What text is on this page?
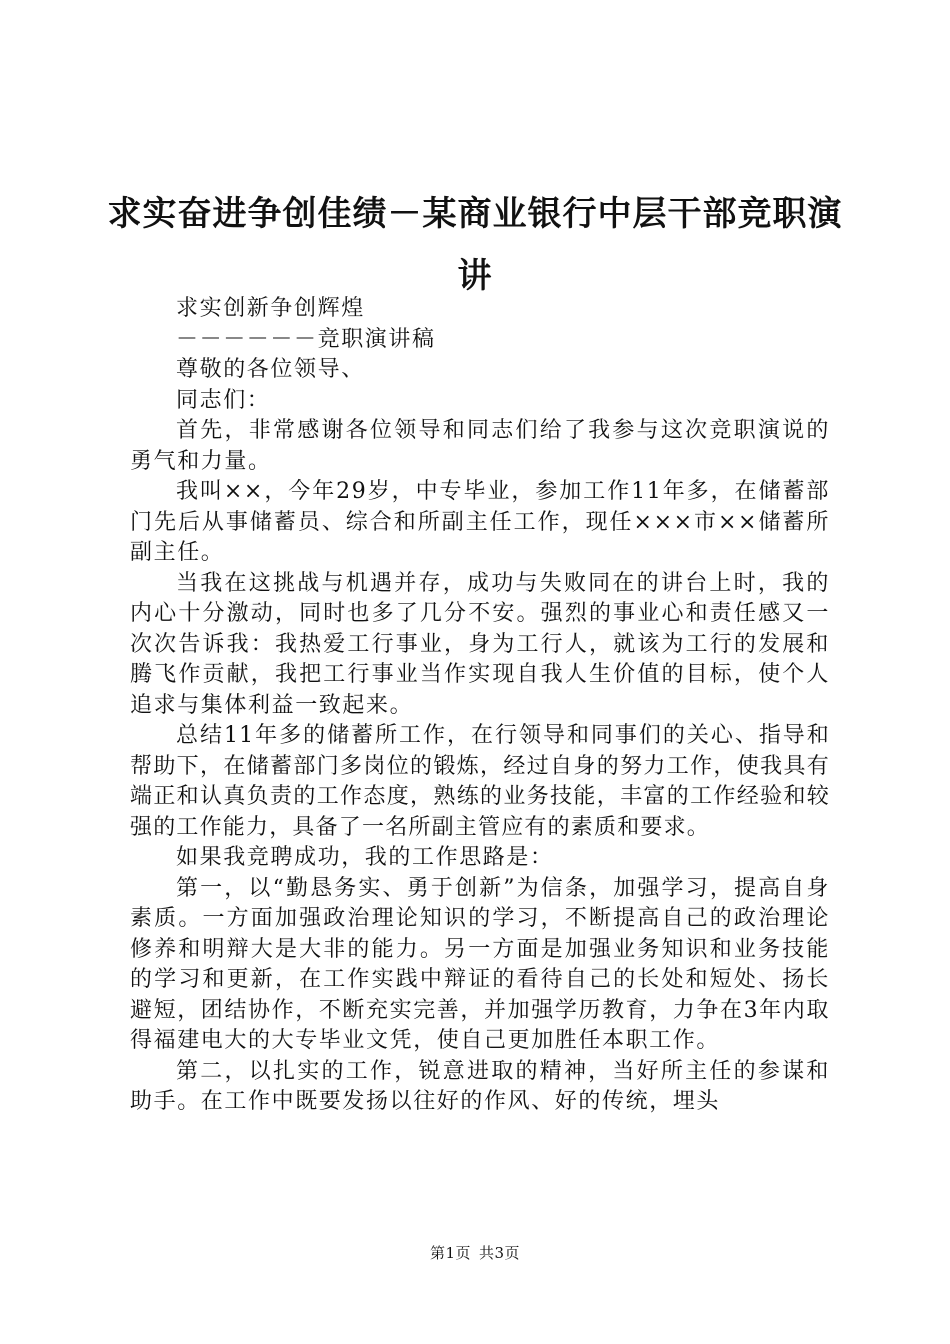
求实奋进争创佳绩－某商业银行中层干部竞职演讲

求实创新争创辉煌

－－－－－－竞职演讲稿

尊敬的各位领导、

同志们：

首先，非常感谢各位领导和同志们给了我参与这次竞职演说的勇气和力量。

我叫××，今年29岁，中专毕业，参加工作11年多，在储蓄部门先后从事储蓄员、综合和所副主任工作，现任×××市××储蓄所副主任。

当我在这挑战与机遇并存，成功与失败同在的讲台上时，我的内心十分激动，同时也多了几分不安。强烈的事业心和责任感又一次次告诉我：我热爱工行事业，身为工行人，就该为工行的发展和腾飞作贡献，我把工行事业当作实现自我人生价值的目标，使个人追求与集体利益一致起来。

总结11年多的储蓄所工作，在行领导和同事们的关心、指导和帮助下，在储蓄部门多岗位的锻炼，经过自身的努力工作，使我具有端正和认真负责的工作态度，熟练的业务技能，丰富的工作经验和较强的工作能力，具备了一名所副主管应有的素质和要求。

如果我竞聘成功，我的工作思路是：

第一，以“勤恳务实、勇于创新”为信条，加强学习，提高自身素质。一方面加强政治理论知识的学习，不断提高自己的政治理论修养和明辩大是大非的能力。另一方面是加强业务知识和业务技能的学习和更新，在工作实践中辩证的看待自己的长处和短处、扬长避短，团结协作，不断充实完善，并加强学历教育，力争在3年内取得福建电大的大专毕业文凭，使自己更加胜任本职工作。

第二，以扎实的工作，锐意进取的精神，当好所主任的参谋和助手。在工作中既要发扬以往好的作风、好的传统，埋头

第1页 共3页
